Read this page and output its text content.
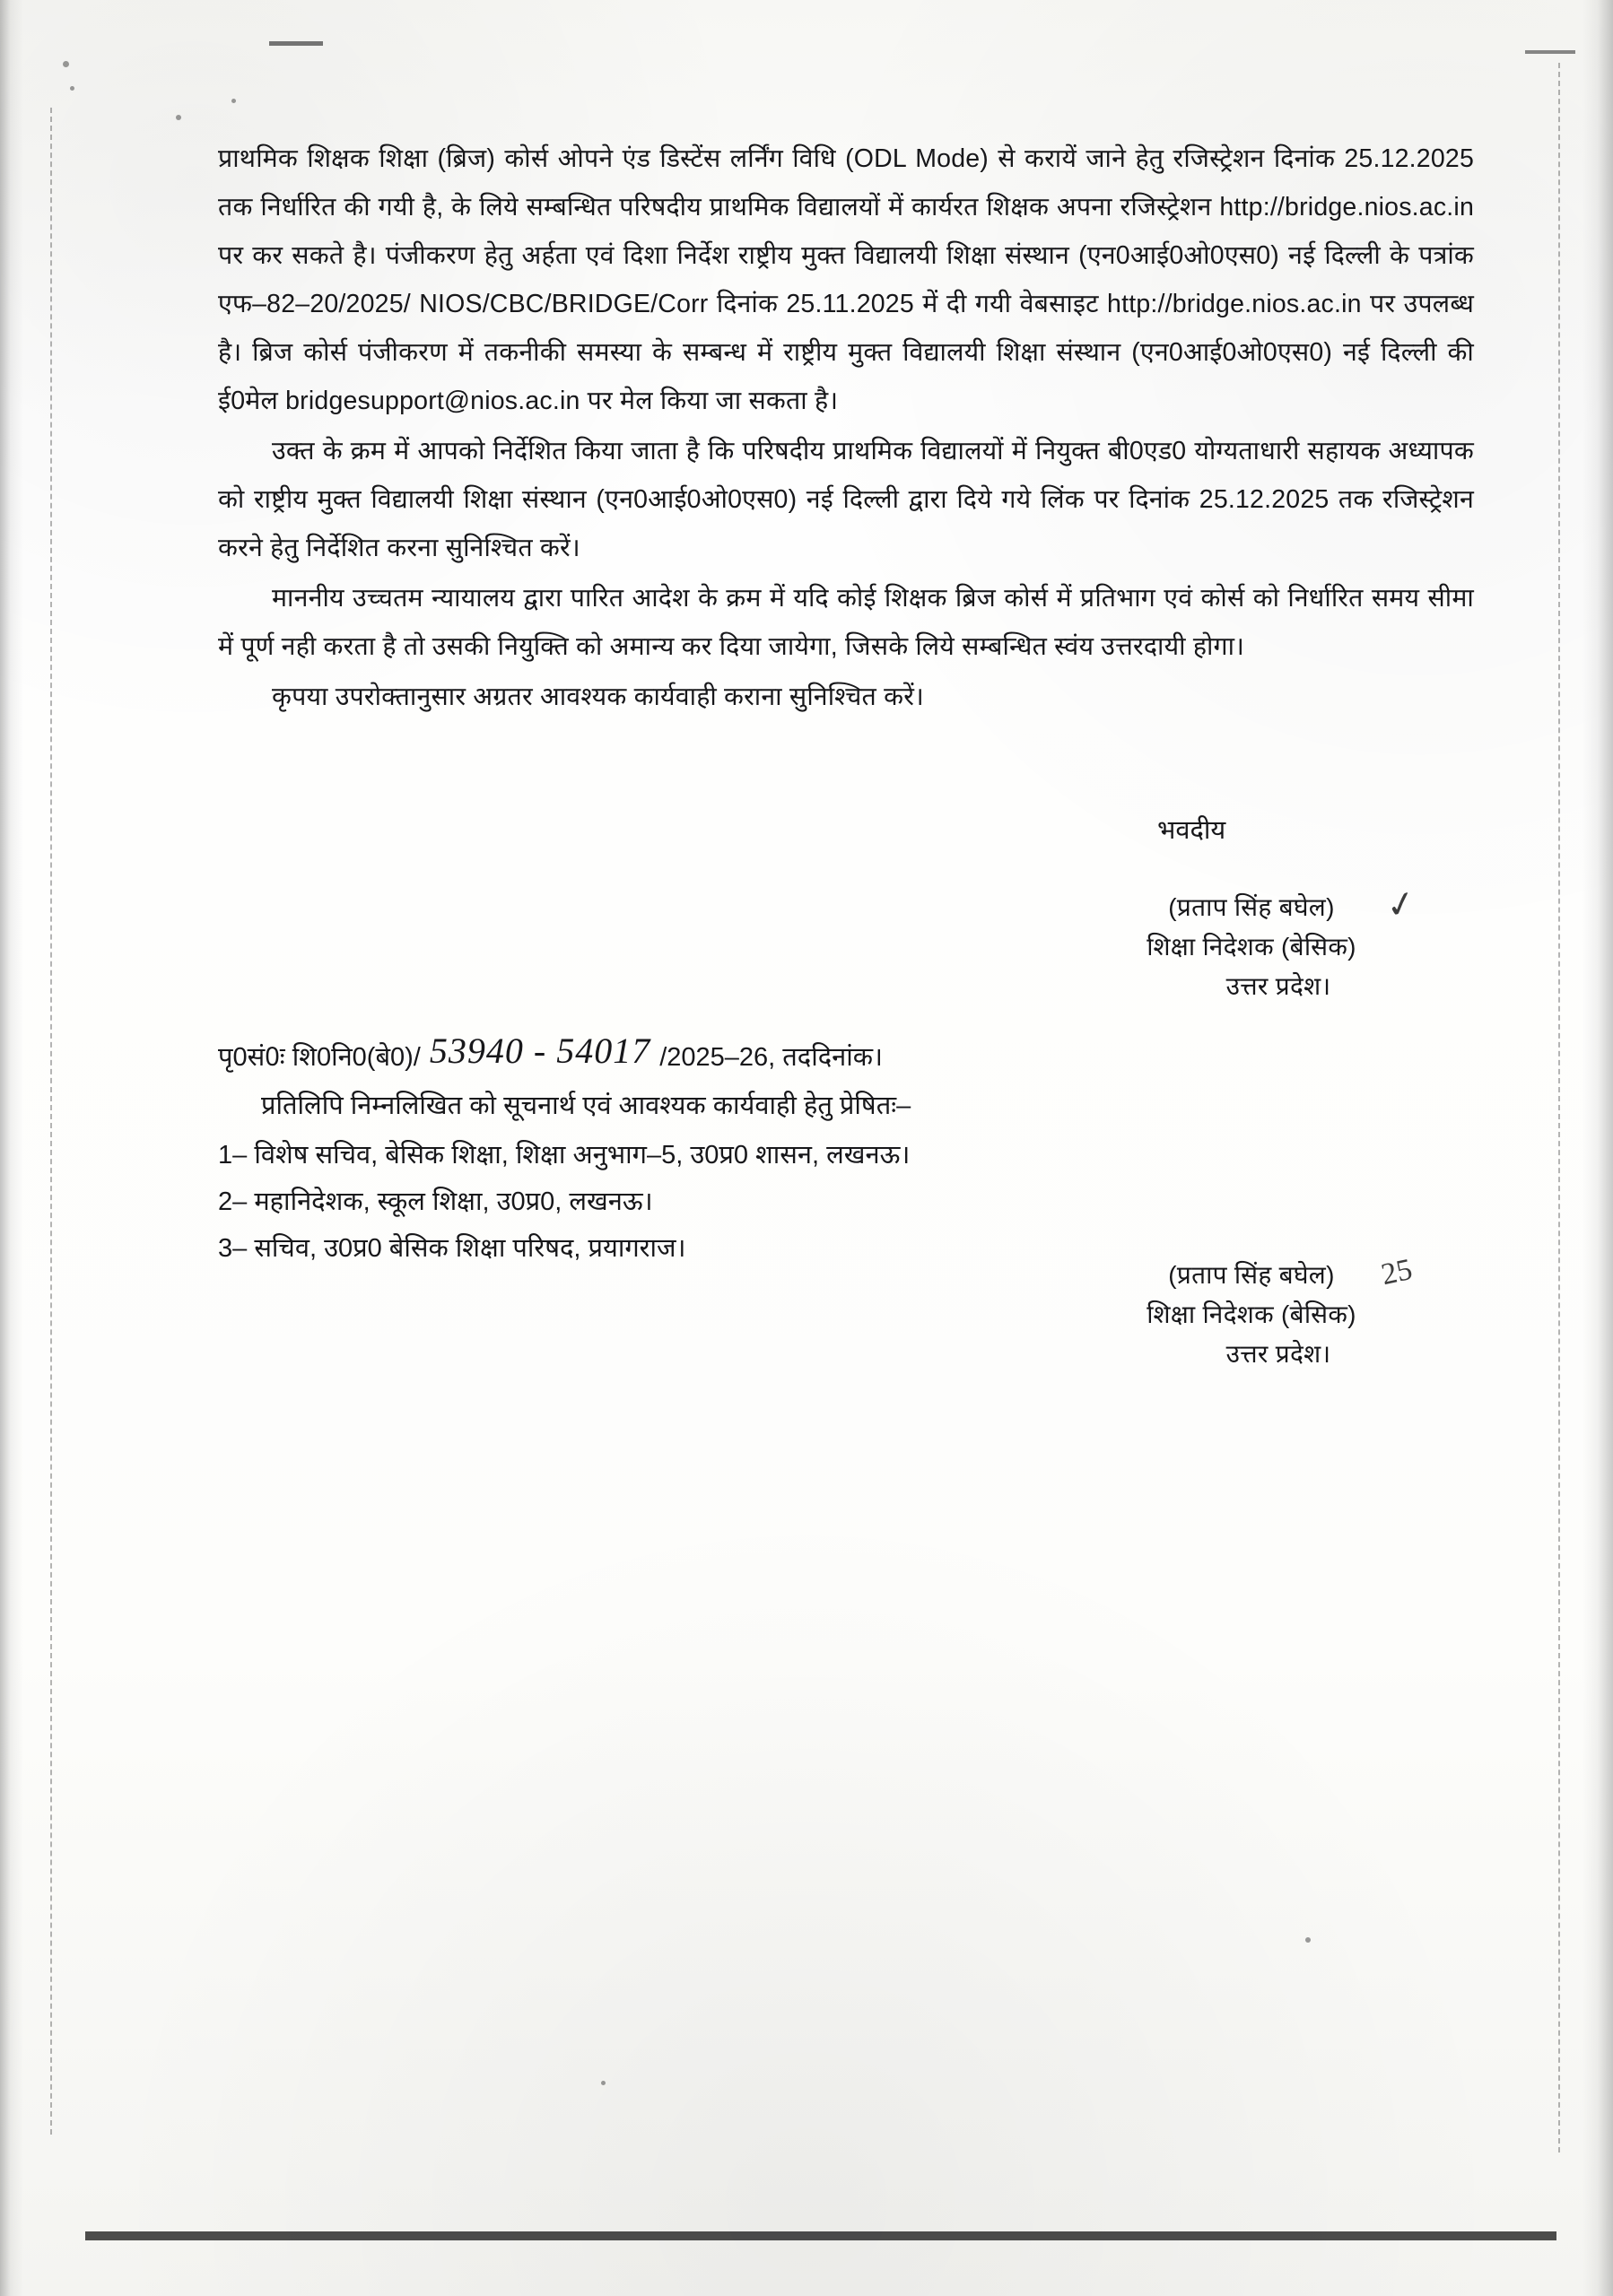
प्राथमिक शिक्षक शिक्षा (ब्रिज) कोर्स ओपने एंड डिस्टेंस लर्निंग विधि (ODL Mode) से करायें जाने हेतु रजिस्ट्रेशन दिनांक 25.12.2025 तक निर्धारित की गयी है, के लिये सम्बन्धित परिषदीय प्राथमिक विद्यालयों में कार्यरत शिक्षक अपना रजिस्ट्रेशन http://bridge.nios.ac.in पर कर सकते है। पंजीकरण हेतु अर्हता एवं दिशा निर्देश राष्ट्रीय मुक्त विद्यालयी शिक्षा संस्थान (एन0आई0ओ0एस0) नई दिल्ली के पत्रांक एफ–82–20/2025/ NIOS/CBC/BRIDGE/Corr दिनांक 25.11.2025 में दी गयी वेबसाइट http://bridge.nios.ac.in पर उपलब्ध है। ब्रिज कोर्स पंजीकरण में तकनीकी समस्या के सम्बन्ध में राष्ट्रीय मुक्त विद्यालयी शिक्षा संस्थान (एन0आई0ओ0एस0) नई दिल्ली की ई0मेल bridgesupport@nios.ac.in पर मेल किया जा सकता है।

उक्त के क्रम में आपको निर्देशित किया जाता है कि परिषदीय प्राथमिक विद्यालयों में नियुक्त बी0एड0 योग्यताधारी सहायक अध्यापक को राष्ट्रीय मुक्त विद्यालयी शिक्षा संस्थान (एन0आई0ओ0एस0) नई दिल्ली द्वारा दिये गये लिंक पर दिनांक 25.12.2025 तक रजिस्ट्रेशन करने हेतु निर्देशित करना सुनिश्चित करें।

माननीय उच्चतम न्यायालय द्वारा पारित आदेश के क्रम में यदि कोई शिक्षक ब्रिज कोर्स में प्रतिभाग एवं कोर्स को निर्धारित समय सीमा में पूर्ण नही करता है तो उसकी नियुक्ति को अमान्य कर दिया जायेगा, जिसके लिये सम्बन्धित स्वंय उत्तरदायी होगा।

कृपया उपरोक्तानुसार अग्रतर आवश्यक कार्यवाही कराना सुनिश्चित करें।

भवदीय
(प्रताप सिंह बघेल)
शिक्षा निदेशक (बेसिक)
उत्तर प्रदेश।
✓
पृ0सं0ः शि0नि0(बे0)/ 53940 - 54017 /2025–26, तददिनांक।
प्रतिलिपि निम्नलिखित को सूचनार्थ एवं आवश्यक कार्यवाही हेतु प्रेषितः–
1– विशेष सचिव, बेसिक शिक्षा, शिक्षा अनुभाग–5, उ0प्र0 शासन, लखनऊ।
2– महानिदेशक, स्कूल शिक्षा, उ0प्र0, लखनऊ।
3– सचिव, उ0प्र0 बेसिक शिक्षा परिषद, प्रयागराज।
(प्रताप सिंह बघेल)
शिक्षा निदेशक (बेसिक)
उत्तर प्रदेश।
25
